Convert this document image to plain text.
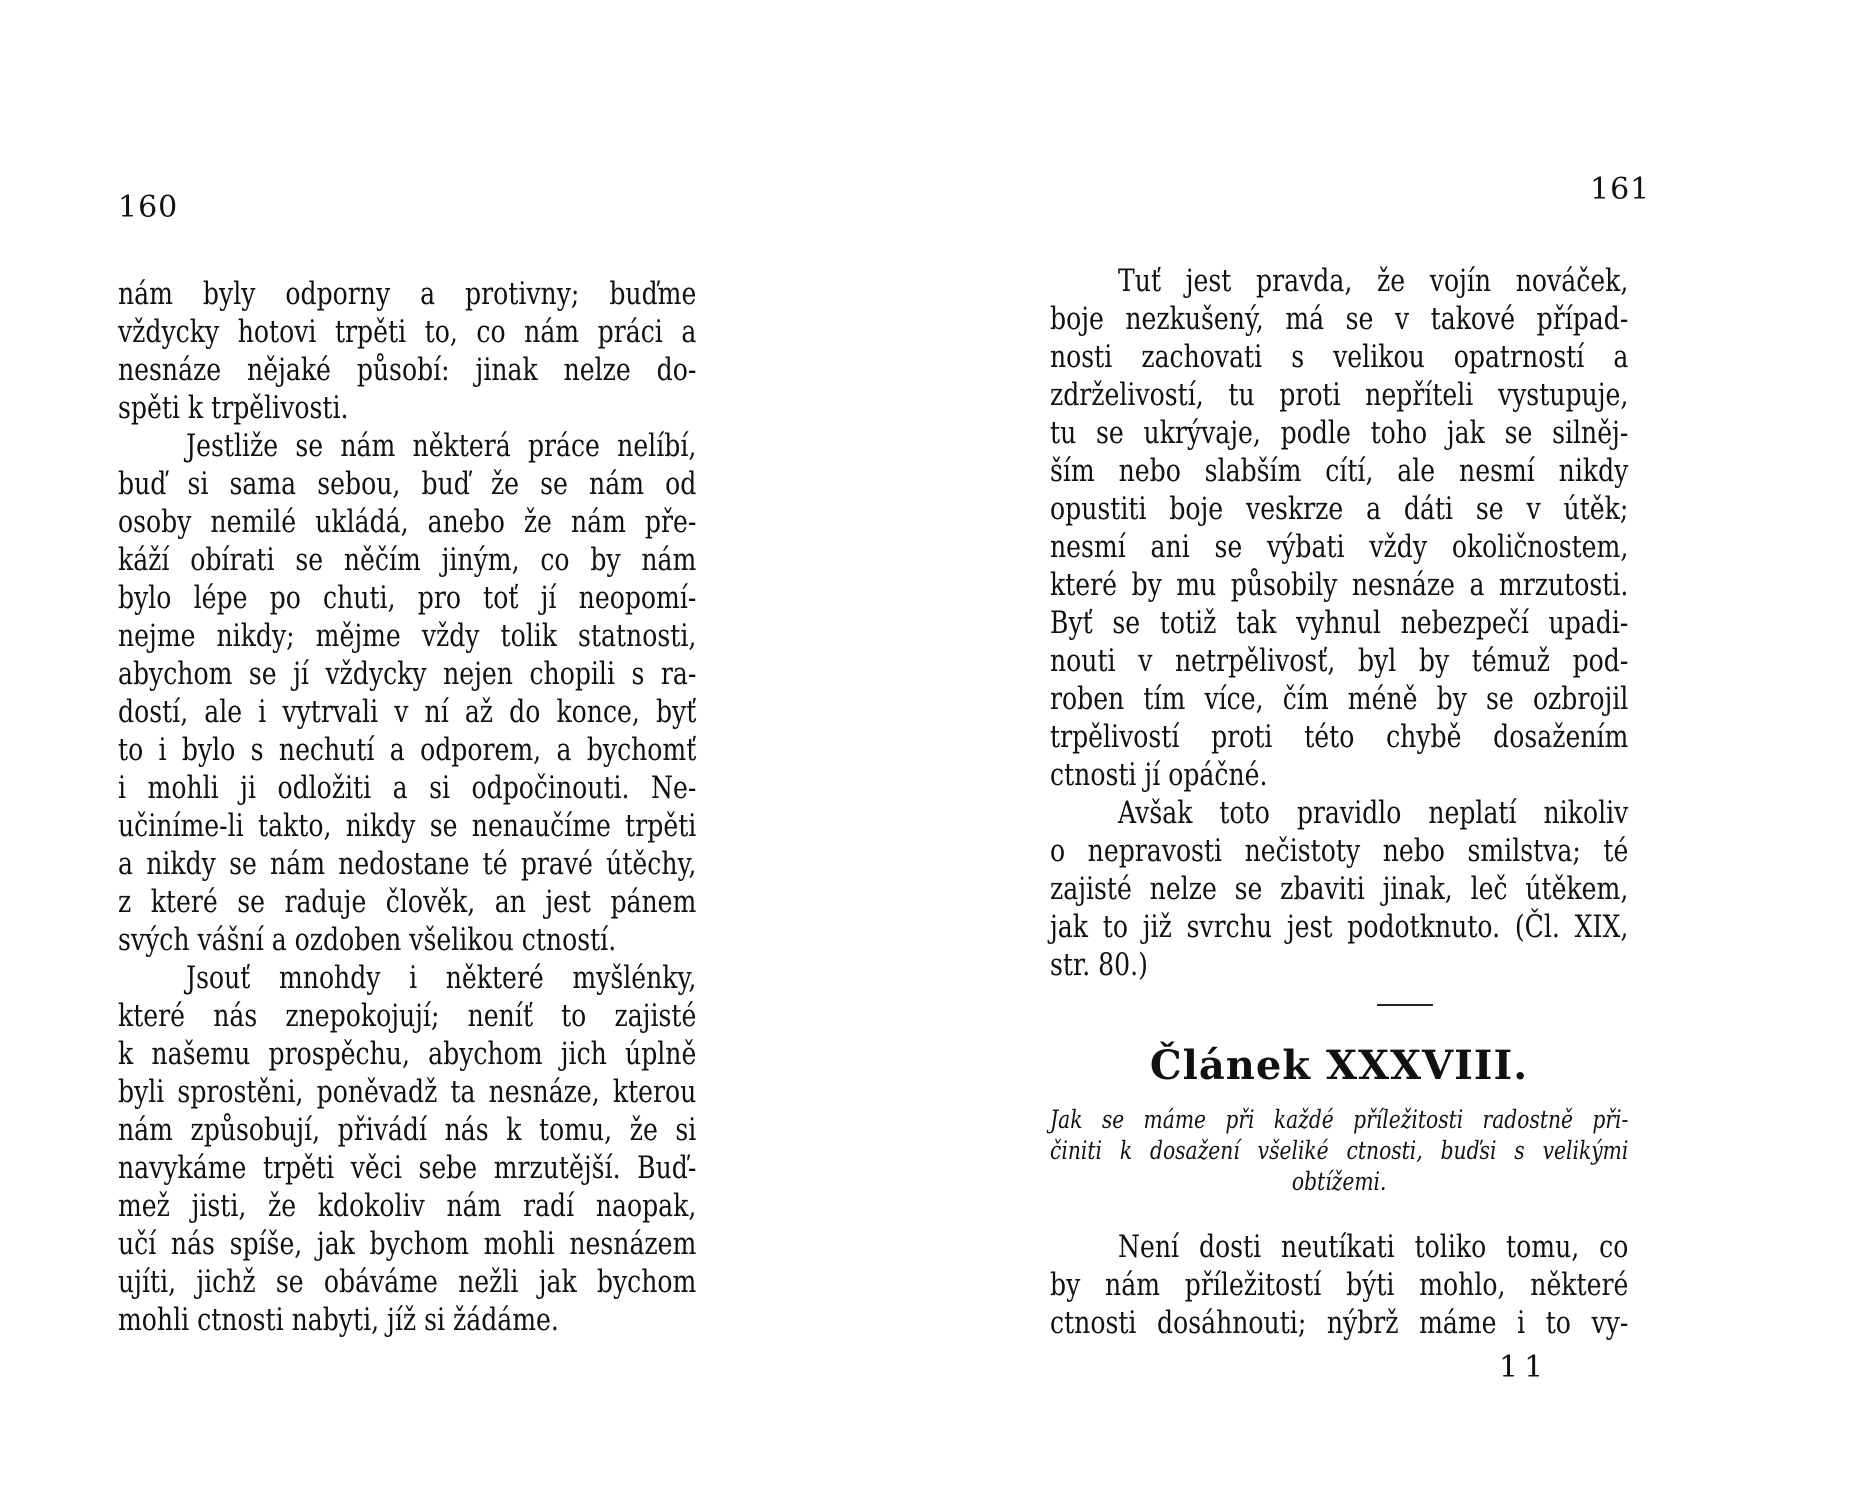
160
nám byly odporny a protivny; buďme
vždycky hotovi trpěti to, co nám práci a
nesnáze nějaké působí: jinak nelze do-
spěti k trpělivosti.
Jestliže se nám některá práce nelíbí,
buď si sama sebou, buď že se nám od
osoby nemilé ukládá, anebo že nám pře-
káží obírati se něčím jiným, co by nám
bylo lépe po chuti, pro toť jí neopomí-
nejme nikdy; mějme vždy tolik statnosti,
abychom se jí vždycky nejen chopili s ra-
dostí, ale i vytrvali v ní až do konce, byť
to i bylo s nechutí a odporem, a bychomť
i mohli ji odložiti a si odpočinouti. Ne-
učiníme-li takto, nikdy se nenaučíme trpěti
a nikdy se nám nedostane té pravé útěchy,
z které se raduje člověk, an jest pánem
svých vášní a ozdoben všelikou ctností.
Jsouť mnohdy i některé myšlénky,
které nás znepokojují; neníť to zajisté
k našemu prospěchu, abychom jich úplně
byli sprostěni, poněvadž ta nesnáze, kterou
nám způsobují, přivádí nás k tomu, že si
navykáme trpěti věci sebe mrzutější. Buď-
mež jisti, že kdokoliv nám radí naopak,
učí nás spíše, jak bychom mohli nesnázem
ujíti, jichž se obáváme nežli jak bychom
mohli ctnosti nabyti, jíž si žádáme.
161
Tuť jest pravda, že vojín nováček,
boje nezkušený, má se v takové případ-
nosti zachovati s velikou opatrností a
zdrželivostí, tu proti nepříteli vystupuje,
tu se ukrývaje, podle toho jak se silněj-
ším nebo slabším cítí, ale nesmí nikdy
opustiti boje veskrze a dáti se v útěk;
nesmí ani se výbati vždy okoličnostem,
které by mu působily nesnáze a mrzutosti.
Byť se totiž tak vyhnul nebezpečí upadi-
nouti v netrpělivosť, byl by témuž pod-
roben tím více, čím méně by se ozbrojil
trpělivostí proti této chybě dosažením
ctnosti jí opáčné.
Avšak toto pravidlo neplatí nikoliv
o nepravosti nečistoty nebo smilstva; té
zajisté nelze se zbaviti jinak, leč útěkem,
jak to již svrchu jest podotknuto. (Čl. XIX,
str. 80.)
Článek XXXVIII.
Jak se máme při každé příležitosti radostně při-
činiti k dosažení všeliké ctnosti, buďsi s velikými
obtížemi.
Není dosti neutíkati toliko tomu, co
by nám příležitostí býti mohlo, některé
ctnosti dosáhnouti; nýbrž máme i to vy-
11
